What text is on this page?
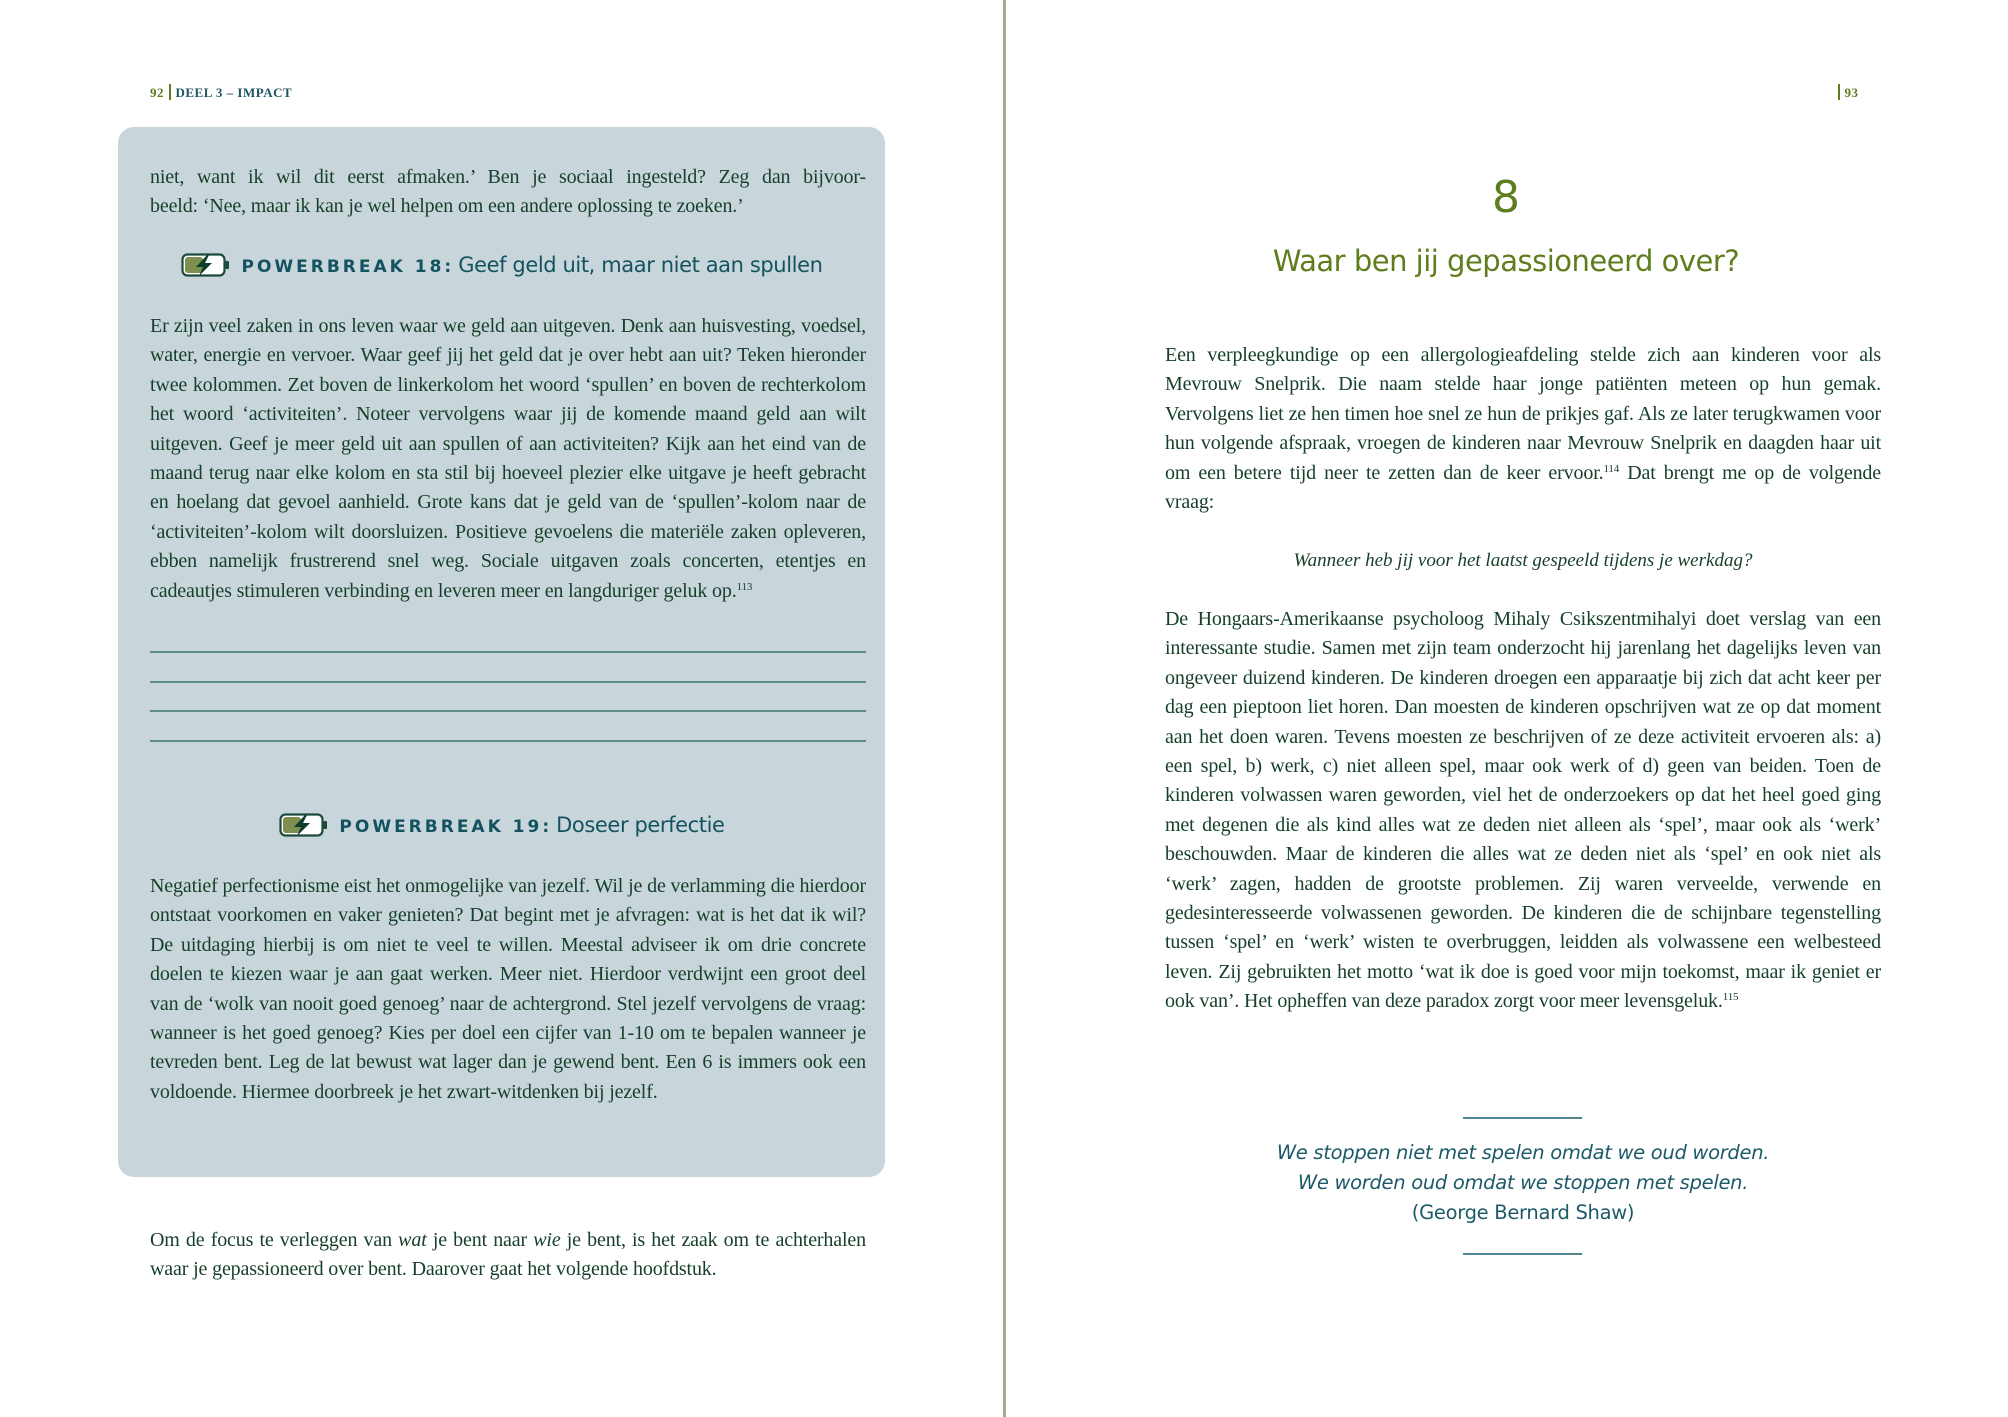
92 DEEL 3 – IMPACT
niet, want ik wil dit eerst afmaken.’ Ben je sociaal ingesteld? Zeg dan bijvoor-
beeld: ‘Nee, maar ik kan je wel helpen om een andere oplossing te zoeken.’
POWERBREAK 18: Geef geld uit, maar niet aan spullen
Er zijn veel zaken in ons leven waar we geld aan uitgeven. Denk aan huisvesting, voedsel, water, energie en vervoer. Waar geef jij het geld dat je over hebt aan uit? Teken hieronder twee kolommen. Zet boven de linkerkolom het woord ‘spullen’ en boven de rechterkolom het woord ‘activiteiten’. Noteer vervolgens waar jij de komende maand geld aan wilt uitgeven. Geef je meer geld uit aan spullen of aan activiteiten? Kijk aan het eind van de maand terug naar elke kolom en sta stil bij hoeveel plezier elke uitgave je heeft gebracht en hoelang dat gevoel aanhield. Grote kans dat je geld van de ‘spullen’-kolom naar de ‘activiteiten’-kolom wilt doorsluizen. Positieve gevoelens die materiële zaken opleveren, ebben namelijk frustrerend snel weg. Sociale uitgaven zoals concerten, etentjes en cadeautjes stimuleren verbinding en leveren meer en langduriger geluk op.$^{113}$
POWERBREAK 19: Doseer perfectie
Negatief perfectionisme eist het onmogelijke van jezelf. Wil je de verlamming die hierdoor ontstaat voorkomen en vaker genieten? Dat begint met je afvragen: wat is het dat ik wil? De uitdaging hierbij is om niet te veel te willen. Meestal adviseer ik om drie concrete doelen te kiezen waar je aan gaat werken. Meer niet. Hierdoor verdwijnt een groot deel van de ‘wolk van nooit goed genoeg’ naar de achtergrond. Stel jezelf vervolgens de vraag: wanneer is het goed genoeg? Kies per doel een cijfer van 1-10 om te bepalen wanneer je tevreden bent. Leg de lat bewust wat lager dan je gewend bent. Een 6 is immers ook een voldoende. Hiermee doorbreek je het zwart-witdenken bij jezelf.
Om de focus te verleggen van wat je bent naar wie je bent, is het zaak om te achterhalen waar je gepassioneerd over bent. Daarover gaat het volgende hoofdstuk.
93
8
Waar ben jij gepassioneerd over?
Een verpleegkundige op een allergologieafdeling stelde zich aan kinderen voor als Mevrouw Snelprik. Die naam stelde haar jonge patiënten meteen op hun gemak. Vervolgens liet ze hen timen hoe snel ze hun de prikjes gaf. Als ze later terugkwamen voor hun volgende afspraak, vroegen de kinderen naar Mevrouw Snelprik en daagden haar uit om een betere tijd neer te zetten dan de keer ervoor.$^{114}$ Dat brengt me op de volgende vraag:
Wanneer heb jij voor het laatst gespeeld tijdens je werkdag?
De Hongaars-Amerikaanse psycholoog Mihaly Csikszentmihalyi doet verslag van een interessante studie. Samen met zijn team onderzocht hij jarenlang het dagelijks leven van ongeveer duizend kinderen. De kinderen droegen een apparaatje bij zich dat acht keer per dag een pieptoon liet horen. Dan moesten de kinderen opschrijven wat ze op dat moment aan het doen waren. Tevens moesten ze beschrijven of ze deze activiteit ervoeren als: a) een spel, b) werk, c) niet alleen spel, maar ook werk of d) geen van beiden. Toen de kinderen volwassen waren geworden, viel het de onderzoekers op dat het heel goed ging met degenen die als kind alles wat ze deden niet alleen als ‘spel’, maar ook als ‘werk’ beschouwden. Maar de kinderen die alles wat ze deden niet als ‘spel’ en ook niet als ‘werk’ zagen, hadden de grootste problemen. Zij waren verveelde, verwende en gedesinteresseerde volwassenen geworden. De kinderen die de schijnbare tegenstelling tussen ‘spel’ en ‘werk’ wisten te overbruggen, leidden als volwassene een welbesteed leven. Zij gebruikten het motto ‘wat ik doe is goed voor mijn toekomst, maar ik geniet er ook van’. Het opheffen van deze paradox zorgt voor meer levensgeluk.$^{115}$
We stoppen niet met spelen omdat we oud worden.
We worden oud omdat we stoppen met spelen.
(George Bernard Shaw)
